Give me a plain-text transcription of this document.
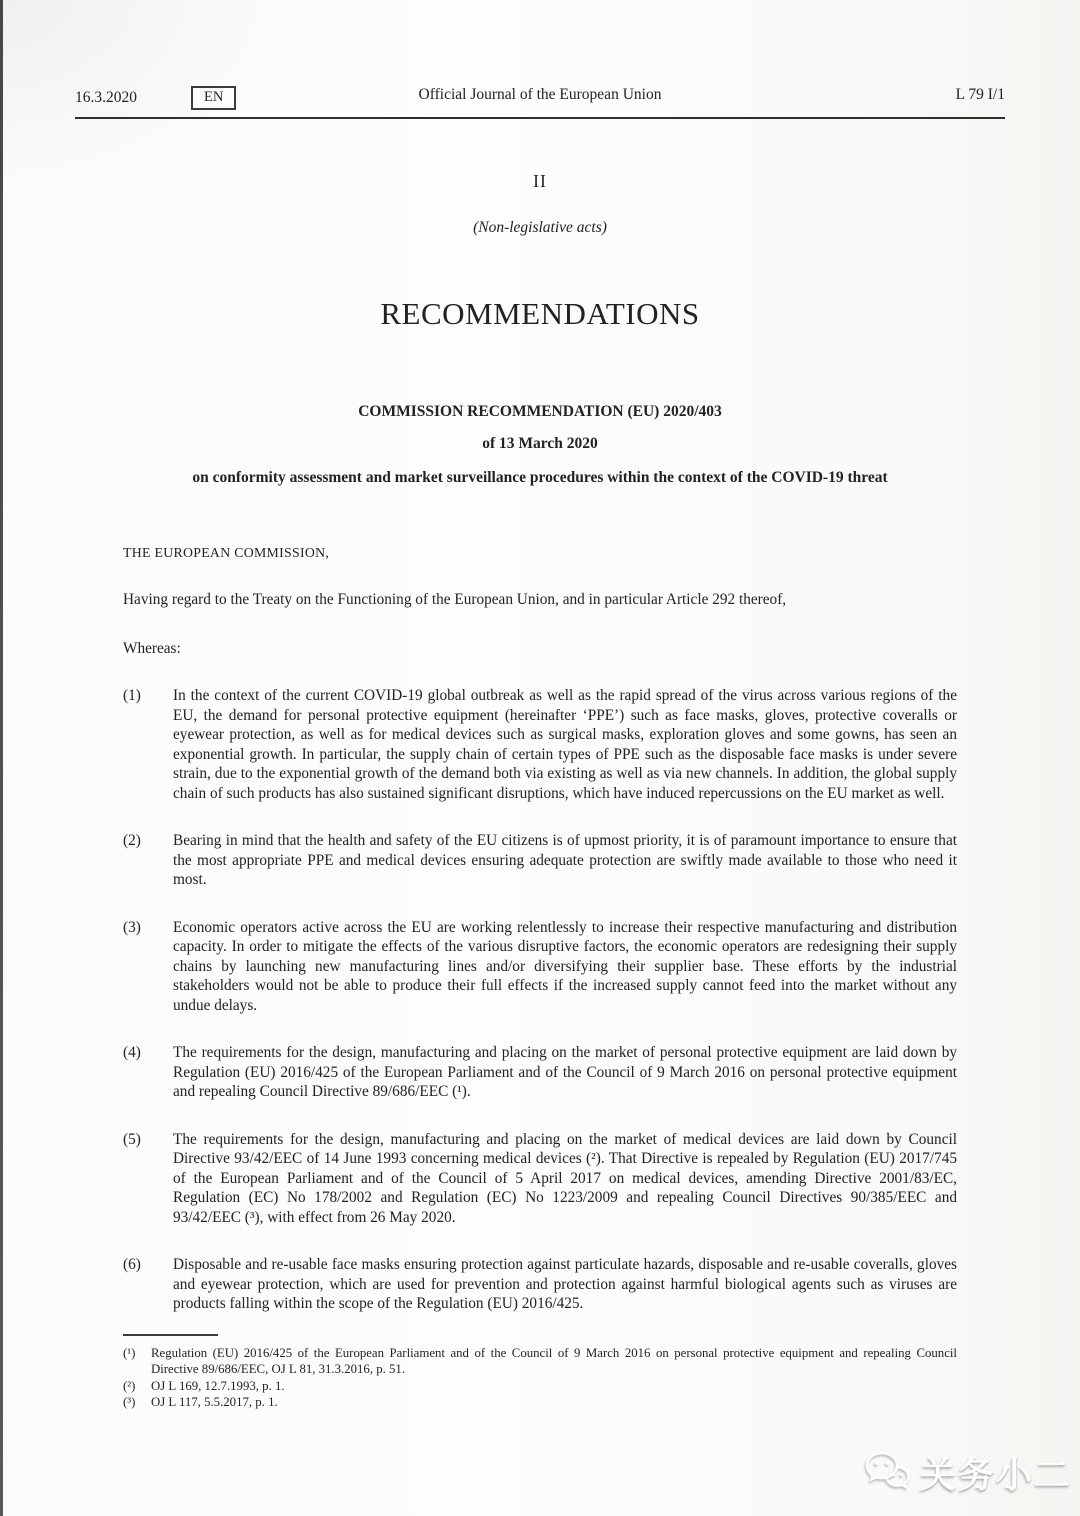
16.3.2020	EN	Official Journal of the European Union	L 79 I/1
II
(Non-legislative acts)
RECOMMENDATIONS
COMMISSION RECOMMENDATION (EU) 2020/403
of 13 March 2020
on conformity assessment and market surveillance procedures within the context of the COVID-19 threat
THE EUROPEAN COMMISSION,
Having regard to the Treaty on the Functioning of the European Union, and in particular Article 292 thereof,
Whereas:
(1)	In the context of the current COVID-19 global outbreak as well as the rapid spread of the virus across various regions of the EU, the demand for personal protective equipment (hereinafter ‘PPE’) such as face masks, gloves, protective coveralls or eyewear protection, as well as for medical devices such as surgical masks, exploration gloves and some gowns, has seen an exponential growth. In particular, the supply chain of certain types of PPE such as the disposable face masks is under severe strain, due to the exponential growth of the demand both via existing as well as via new channels. In addition, the global supply chain of such products has also sustained significant disruptions, which have induced repercussions on the EU market as well.
(2)	Bearing in mind that the health and safety of the EU citizens is of upmost priority, it is of paramount importance to ensure that the most appropriate PPE and medical devices ensuring adequate protection are swiftly made available to those who need it most.
(3)	Economic operators active across the EU are working relentlessly to increase their respective manufacturing and distribution capacity. In order to mitigate the effects of the various disruptive factors, the economic operators are redesigning their supply chains by launching new manufacturing lines and/or diversifying their supplier base. These efforts by the industrial stakeholders would not be able to produce their full effects if the increased supply cannot feed into the market without any undue delays.
(4)	The requirements for the design, manufacturing and placing on the market of personal protective equipment are laid down by Regulation (EU) 2016/425 of the European Parliament and of the Council of 9 March 2016 on personal protective equipment and repealing Council Directive 89/686/EEC (¹).
(5)	The requirements for the design, manufacturing and placing on the market of medical devices are laid down by Council Directive 93/42/EEC of 14 June 1993 concerning medical devices (²). That Directive is repealed by Regulation (EU) 2017/745 of the European Parliament and of the Council of 5 April 2017 on medical devices, amending Directive 2001/83/EC, Regulation (EC) No 178/2002 and Regulation (EC) No 1223/2009 and repealing Council Directives 90/385/EEC and 93/42/EEC (³), with effect from 26 May 2020.
(6)	Disposable and re-usable face masks ensuring protection against particulate hazards, disposable and re-usable coveralls, gloves and eyewear protection, which are used for prevention and protection against harmful biological agents such as viruses are products falling within the scope of the Regulation (EU) 2016/425.
(¹)	Regulation (EU) 2016/425 of the European Parliament and of the Council of 9 March 2016 on personal protective equipment and repealing Council Directive 89/686/EEC, OJ L 81, 31.3.2016, p. 51.
(²)	OJ L 169, 12.7.1993, p. 1.
(³)	OJ L 117, 5.5.2017, p. 1.
关务小二
